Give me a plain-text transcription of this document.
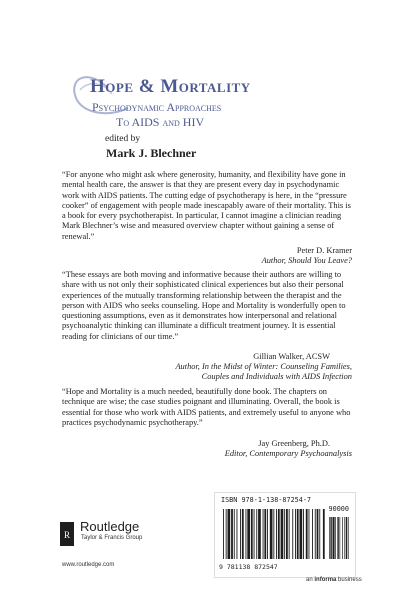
Hope & Mortality
Psychodynamic Approaches
To AIDS and HIV
edited by
Mark J. Blechner
“For anyone who might ask where generosity, humanity, and flexibility have gone in mental health care, the answer is that they are present every day in psychodynamic work with AIDS patients. The cutting edge of psychotherapy is here, in the “pressure cooker” of engagement with people made inescapably aware of their mortality. This is a book for every psychotherapist. In particular, I cannot imagine a clinician reading Mark Blechner’s wise and measured overview chapter without gaining a sense of renewal.”
Peter D. Kramer
Author, Should You Leave?
“These essays are both moving and informative because their authors are willing to share with us not only their sophisticated clinical experiences but also their personal experiences of the mutually transforming relationship between the therapist and the person with AIDS who seeks counseling. Hope and Mortality is wonderfully open to questioning assumptions, even as it demonstrates how interpersonal and relational psychoanalytic thinking can illuminate a difficult treatment journey. It is essential reading for clinicians of our time.”
Gillian Walker, ACSW
Author, In the Midst of Winter: Counseling Families,
Couples and Individuals with AIDS Infection
“Hope and Mortality is a much needed, beautifully done book. The chapters on technique are wise; the case studies poignant and illuminating. Overall, the book is essential for those who work with AIDS patients, and extremely useful to anyone who practices psychodynamic psychotherapy.”
Jay Greenberg, Ph.D.
Editor, Contemporary Psychoanalysis
ISBN 978-1-138-87254-7
90000
9 781138 872547
R
Routledge
Taylor & Francis Group
www.routledge.com
an informa business
